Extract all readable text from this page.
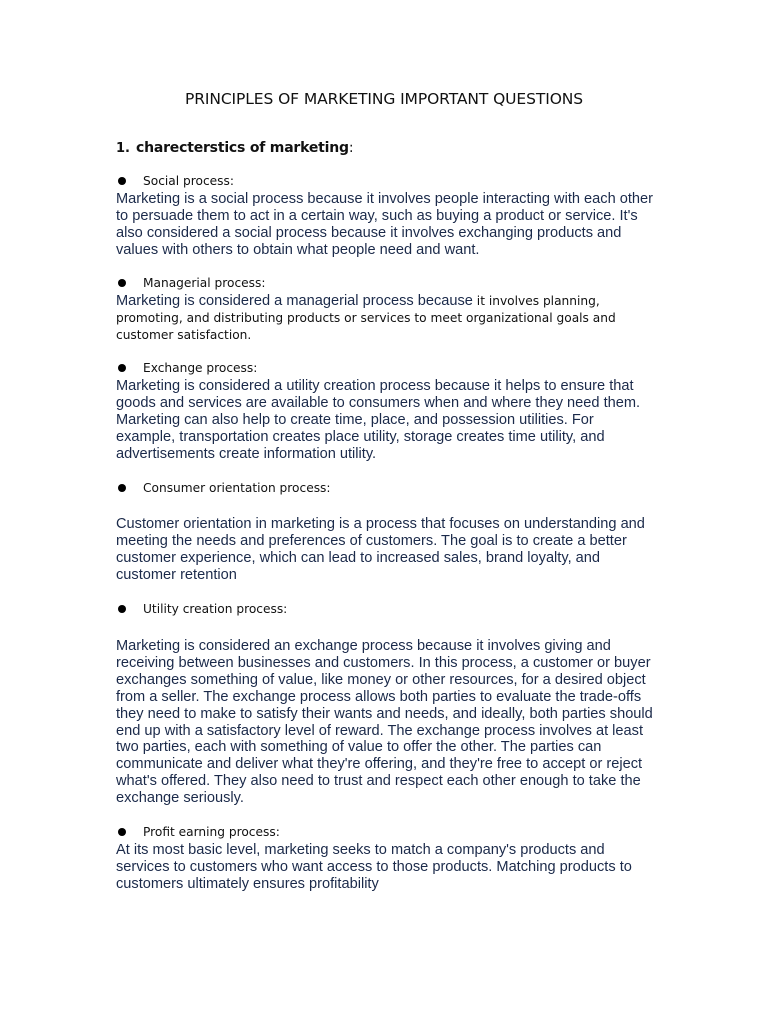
PRINCIPLES OF MARKETING IMPORTANT QUESTIONS
1. charecterstics of marketing:
Social process:

Marketing is a social process because it involves people interacting with each other to persuade them to act in a certain way, such as buying a product or service. It's also considered a social process because it involves exchanging products and values with others to obtain what people need and want.

Managerial process:

Marketing is considered a managerial process because it involves planning, promoting, and distributing products or services to meet organizational goals and customer satisfaction.

Exchange process:

Marketing is considered a utility creation process because it helps to ensure that goods and services are available to consumers when and where they need them. Marketing can also help to create time, place, and possession utilities. For example, transportation creates place utility, storage creates time utility, and advertisements create information utility.

Consumer orientation process:

Customer orientation in marketing is a process that focuses on understanding and meeting the needs and preferences of customers. The goal is to create a better customer experience, which can lead to increased sales, brand loyalty, and customer retention

Utility creation process:

Marketing is considered an exchange process because it involves giving and receiving between businesses and customers. In this process, a customer or buyer exchanges something of value, like money or other resources, for a desired object from a seller. The exchange process allows both parties to evaluate the trade-offs they need to make to satisfy their wants and needs, and ideally, both parties should end up with a satisfactory level of reward. The exchange process involves at least two parties, each with something of value to offer the other. The parties can communicate and deliver what they're offering, and they're free to accept or reject what's offered. They also need to trust and respect each other enough to take the exchange seriously.

Profit earning process:

At its most basic level, marketing seeks to match a company's products and services to customers who want access to those products. Matching products to customers ultimately ensures profitability
